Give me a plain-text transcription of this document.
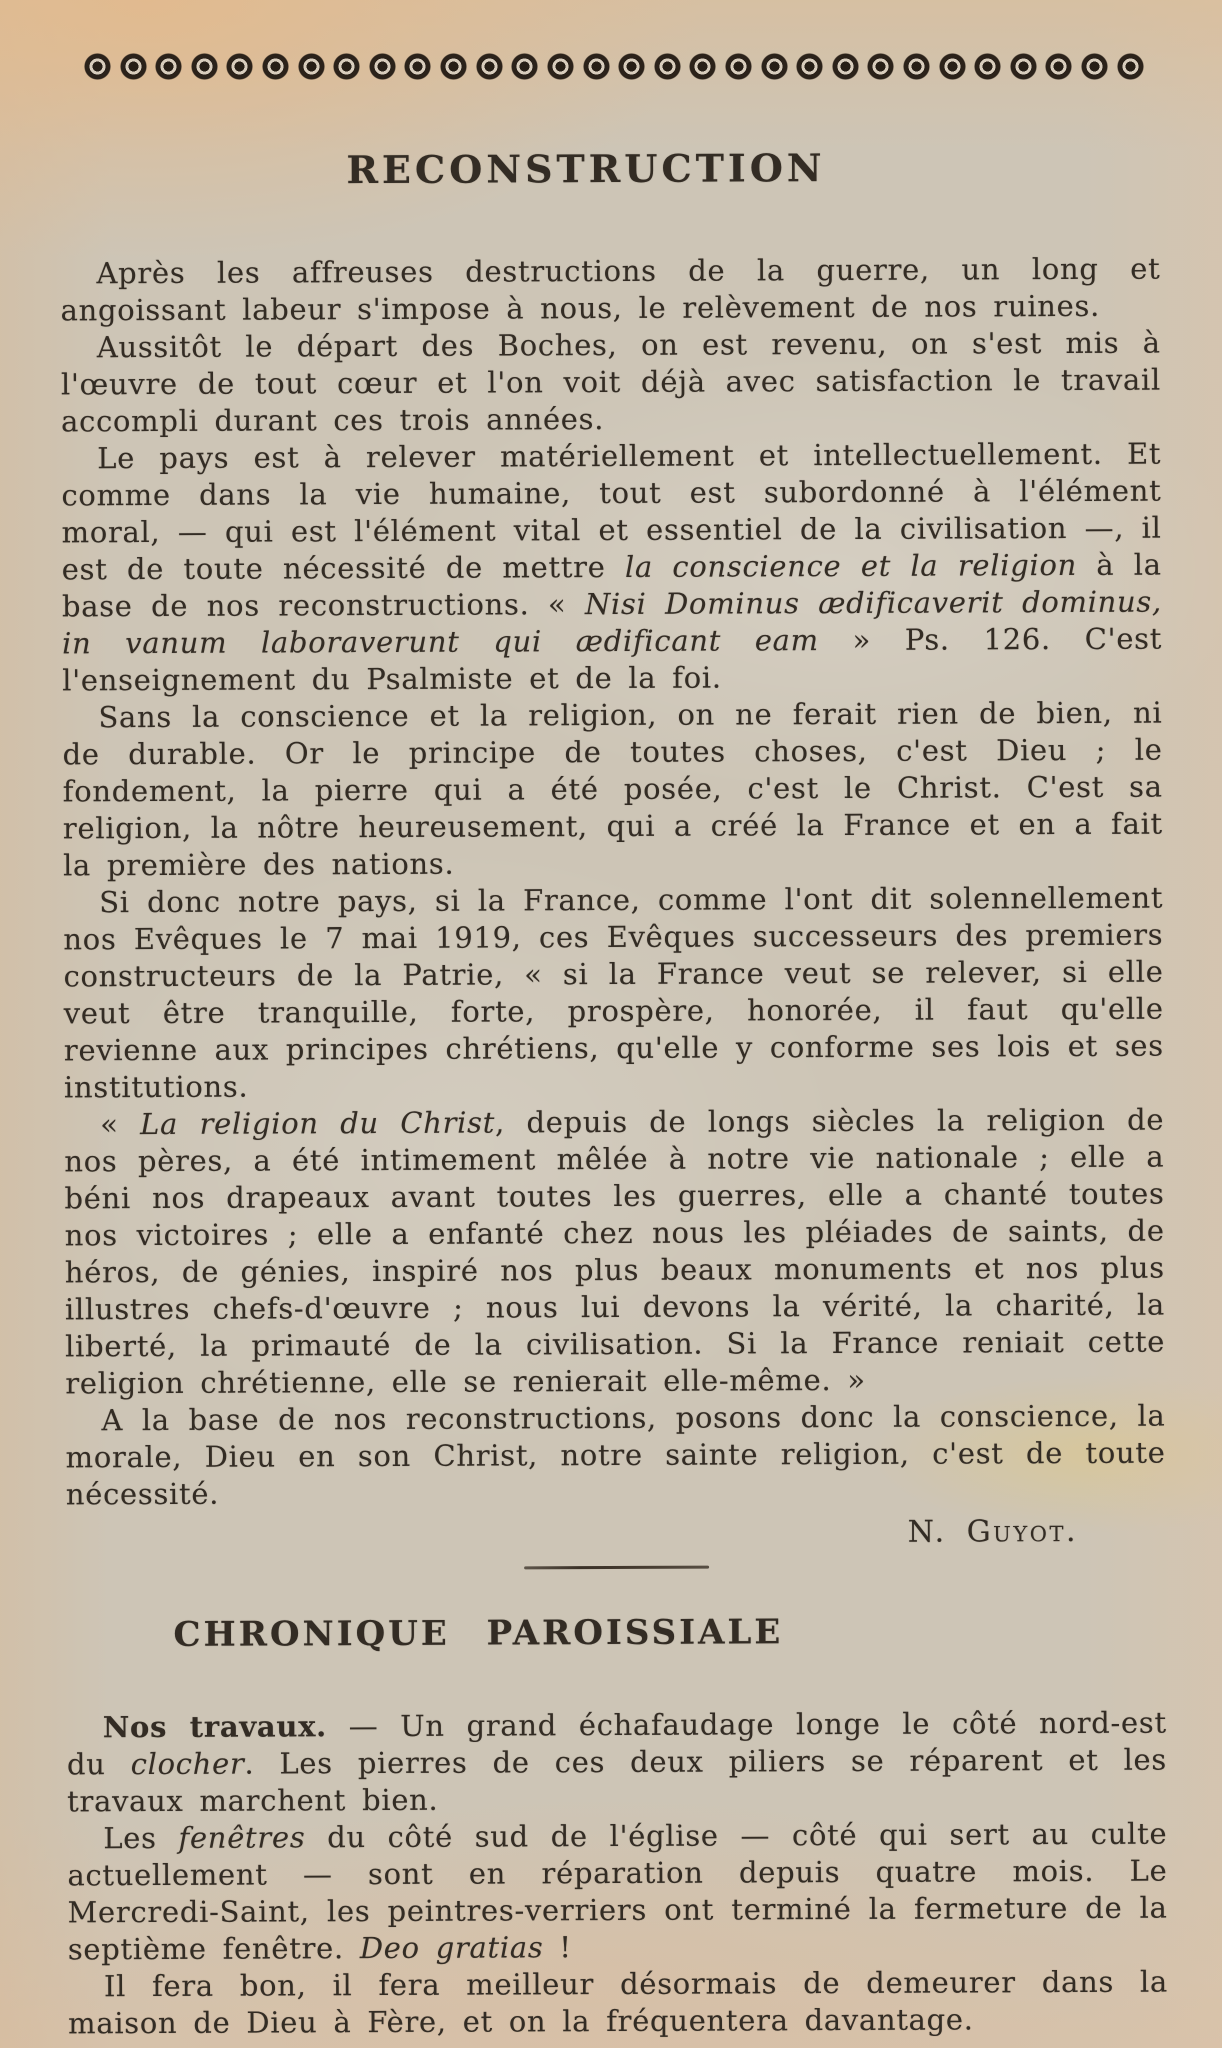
RECONSTRUCTION

Après les affreuses destructions de la guerre, un long et angoissant labeur s'impose à nous, le relèvement de nos ruines.

Aussitôt le départ des Boches, on est revenu, on s'est mis à l'œuvre de tout cœur et l'on voit déjà avec satisfaction le travail accompli durant ces trois années.

Le pays est à relever matériellement et intellectuellement. Et comme dans la vie humaine, tout est subordonné à l'élément moral, — qui est l'élément vital et essentiel de la civilisation —, il est de toute nécessité de mettre la conscience et la religion à la base de nos reconstructions. « Nisi Dominus ædificaverit dominus, in vanum laboraverunt qui ædificant eam » Ps. 126. C'est l'enseignement du Psalmiste et de la foi.

Sans la conscience et la religion, on ne ferait rien de bien, ni de durable. Or le principe de toutes choses, c'est Dieu ; le fondement, la pierre qui a été posée, c'est le Christ. C'est sa religion, la nôtre heureusement, qui a créé la France et en a fait la première des nations.

Si donc notre pays, si la France, comme l'ont dit solennellement nos Evêques le 7 mai 1919, ces Evêques successeurs des premiers constructeurs de la Patrie, « si la France veut se relever, si elle veut être tranquille, forte, prospère, honorée, il faut qu'elle revienne aux principes chrétiens, qu'elle y conforme ses lois et ses institutions.

« La religion du Christ, depuis de longs siècles la religion de nos pères, a été intimement mêlée à notre vie nationale ; elle a béni nos drapeaux avant toutes les guerres, elle a chanté toutes nos victoires ; elle a enfanté chez nous les pléiades de saints, de héros, de génies, inspiré nos plus beaux monuments et nos plus illustres chefs-d'œuvre ; nous lui devons la vérité, la charité, la liberté, la primauté de la civilisation. Si la France reniait cette religion chrétienne, elle se renierait elle-même. »

A la base de nos reconstructions, posons donc la conscience, la morale, Dieu en son Christ, notre sainte religion, c'est de toute nécessité.

N. Guyot.
CHRONIQUE PAROISSIALE

Nos travaux. — Un grand échafaudage longe le côté nord-est du clocher. Les pierres de ces deux piliers se réparent et les travaux marchent bien.

Les fenêtres du côté sud de l'église — côté qui sert au culte actuellement — sont en réparation depuis quatre mois. Le Mercredi-Saint, les peintres-verriers ont terminé la fermeture de la septième fenêtre. Deo gratias !

Il fera bon, il fera meilleur désormais de demeurer dans la maison de Dieu à Fère, et on la fréquentera davantage.
